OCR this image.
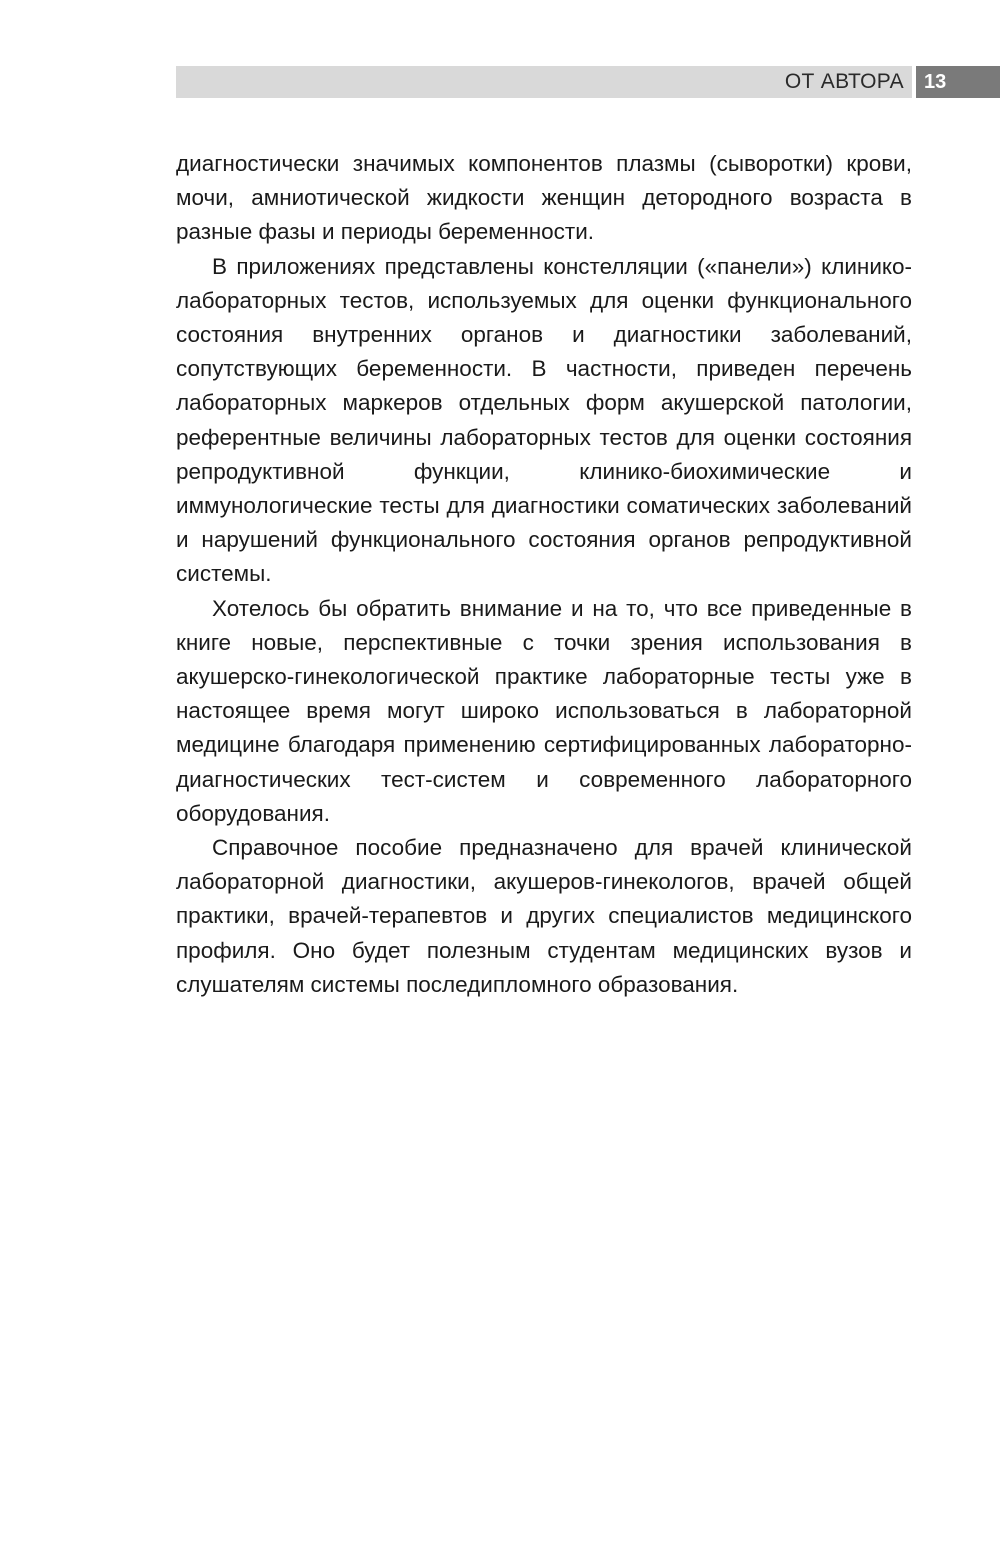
ОТ АВТОРА 13

диагностически значимых компонентов плазмы (сыворотки) крови, мочи, амниотической жидкости женщин детородного возраста в разные фазы и периоды беременности.

В приложениях представлены констелляции («панели») клинико-лабораторных тестов, используемых для оценки функционального состояния внутренних органов и диагностики заболеваний, сопутствующих беременности. В частности, приведен перечень лабораторных маркеров отдельных форм акушерской патологии, референтные величины лабораторных тестов для оценки состояния репродуктивной функции, клинико-биохимические и иммунологические тесты для диагностики соматических заболеваний и нарушений функционального состояния органов репродуктивной системы.

Хотелось бы обратить внимание и на то, что все приведенные в книге новые, перспективные с точки зрения использования в акушерско-гинекологической практике лабораторные тесты уже в настоящее время могут широко использоваться в лабораторной медицине благодаря применению сертифицированных лабораторно-диагностических тест-систем и современного лабораторного оборудования.

Справочное пособие предназначено для врачей клинической лабораторной диагностики, акушеров-гинекологов, врачей общей практики, врачей-терапевтов и других специалистов медицинского профиля. Оно будет полезным студентам медицинских вузов и слушателям системы последипломного образования.
